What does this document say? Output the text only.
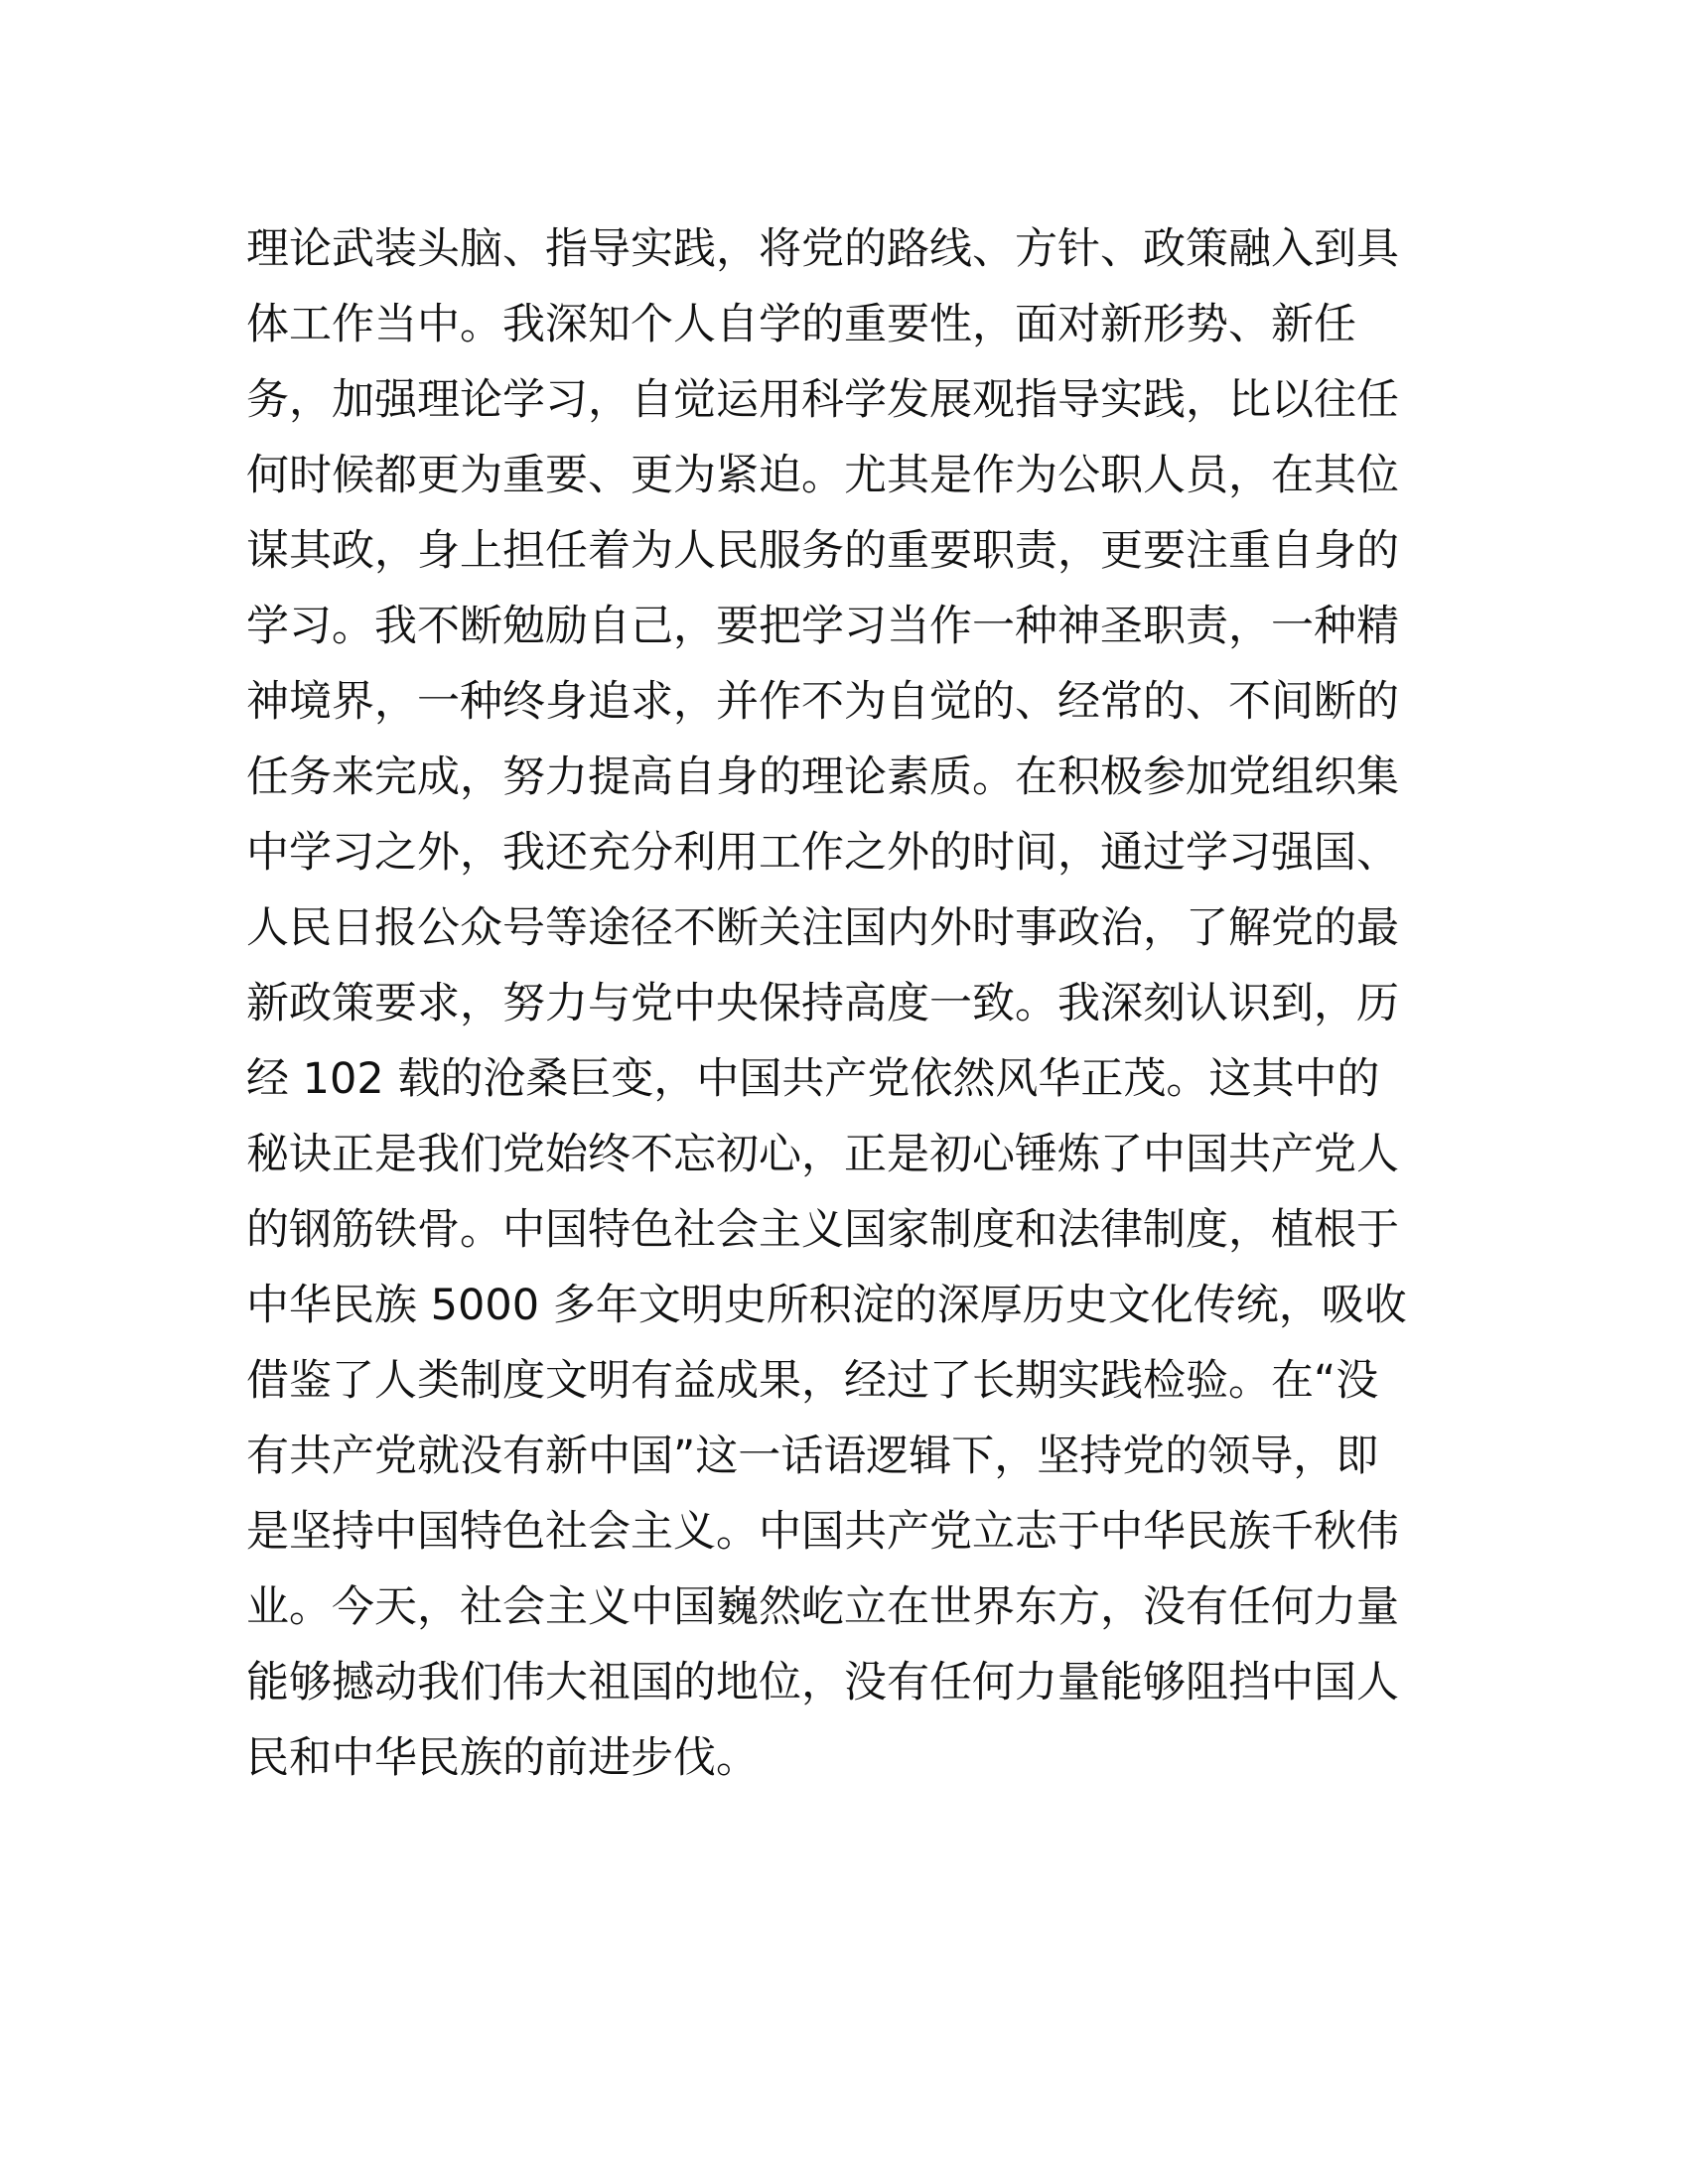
理论武装头脑、指导实践，将党的路线、方针、政策融入到具
体工作当中。我深知个人自学的重要性，面对新形势、新任
务，加强理论学习，自觉运用科学发展观指导实践，比以往任
何时候都更为重要、更为紧迫。尤其是作为公职人员，在其位
谋其政，身上担任着为人民服务的重要职责，更要注重自身的
学习。我不断勉励自己，要把学习当作一种神圣职责，一种精
神境界，一种终身追求，并作不为自觉的、经常的、不间断的
任务来完成，努力提高自身的理论素质。在积极参加党组织集
中学习之外，我还充分利用工作之外的时间，通过学习强国、
人民日报公众号等途径不断关注国内外时事政治，了解党的最
新政策要求，努力与党中央保持高度一致。我深刻认识到，历
经 102 载的沧桑巨变，中国共产党依然风华正茂。这其中的
秘诀正是我们党始终不忘初心，正是初心锤炼了中国共产党人
的钢筋铁骨。中国特色社会主义国家制度和法律制度，植根于
中华民族 5000 多年文明史所积淀的深厚历史文化传统，吸收
借鉴了人类制度文明有益成果，经过了长期实践检验。在“没
有共产党就没有新中国”这一话语逻辑下，坚持党的领导，即
是坚持中国特色社会主义。中国共产党立志于中华民族千秋伟
业。今天，社会主义中国巍然屹立在世界东方，没有任何力量
能够撼动我们伟大祖国的地位，没有任何力量能够阻挡中国人
民和中华民族的前进步伐。
